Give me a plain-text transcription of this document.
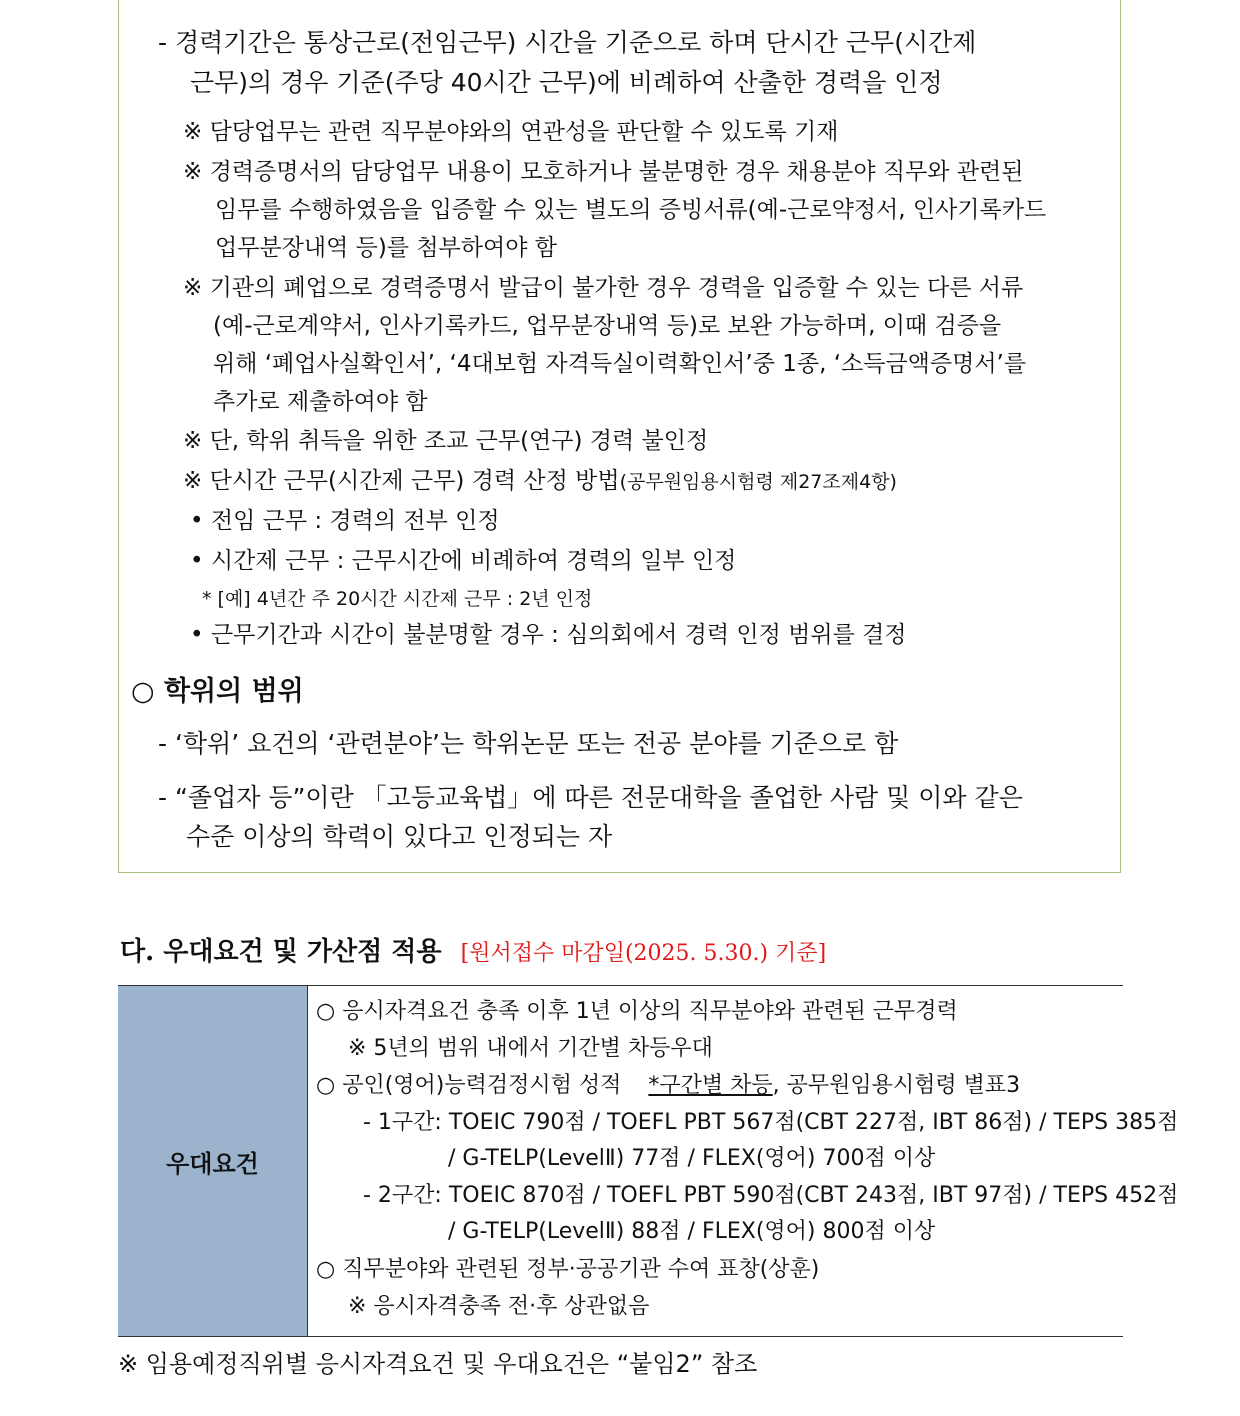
- 경력기간은 통상근로(전임근무) 시간을 기준으로 하며 단시간 근무(시간제
근무)의 경우 기준(주당 40시간 근무)에 비례하여 산출한 경력을 인정
※ 담당업무는 관련 직무분야와의 연관성을 판단할 수 있도록 기재
※ 경력증명서의 담당업무 내용이 모호하거나 불분명한 경우 채용분야 직무와 관련된
임무를 수행하였음을 입증할 수 있는 별도의 증빙서류(예-근로약정서, 인사기록카드
업무분장내역 등)를 첨부하여야 함
※ 기관의 폐업으로 경력증명서 발급이 불가한 경우 경력을 입증할 수 있는 다른 서류
(예-근로계약서, 인사기록카드, 업무분장내역 등)로 보완 가능하며, 이때 검증을
위해 ‘폐업사실확인서’, ‘4대보험 자격득실이력확인서’중 1종, ‘소득금액증명서’를
추가로 제출하여야 함
※ 단, 학위 취득을 위한 조교 근무(연구) 경력 불인정
※ 단시간 근무(시간제 근무) 경력 산정 방법(공무원임용시험령 제27조제4항)
• 전임 근무 : 경력의 전부 인정
• 시간제 근무 : 근무시간에 비례하여 경력의 일부 인정
* [예] 4년간 주 20시간 시간제 근무 : 2년 인정
• 근무기간과 시간이 불분명할 경우 : 심의회에서 경력 인정 범위를 결정
○ 학위의 범위
- ‘학위’ 요건의 ‘관련분야’는 학위논문 또는 전공 분야를 기준으로 함
- “졸업자 등”이란 「고등교육법」에 따른 전문대학을 졸업한 사람 및 이와 같은
수준 이상의 학력이 있다고 인정되는 자
다. 우대요건 및 가산점 적용 [원서접수 마감일(2025. 5.30.) 기준]
우대요건	
○ 응시자격요건 충족 이후 1년 이상의 직무분야와 관련된 근무경력
※ 5년의 범위 내에서 기간별 차등우대
○ 공인(영어)능력검정시험 성적 *구간별 차등, 공무원임용시험령 별표3
- 1구간: TOEIC 790점 / TOEFL PBT 567점(CBT 227점, IBT 86점) / TEPS 385점
/ G-TELP(LevelⅡ) 77점 / FLEX(영어) 700점 이상
- 2구간: TOEIC 870점 / TOEFL PBT 590점(CBT 243점, IBT 97점) / TEPS 452점
/ G-TELP(LevelⅡ) 88점 / FLEX(영어) 800점 이상
○ 직무분야와 관련된 정부·공공기관 수여 표창(상훈)
※ 응시자격충족 전·후 상관없음
※ 임용예정직위별 응시자격요건 및 우대요건은 “붙임2” 참조
